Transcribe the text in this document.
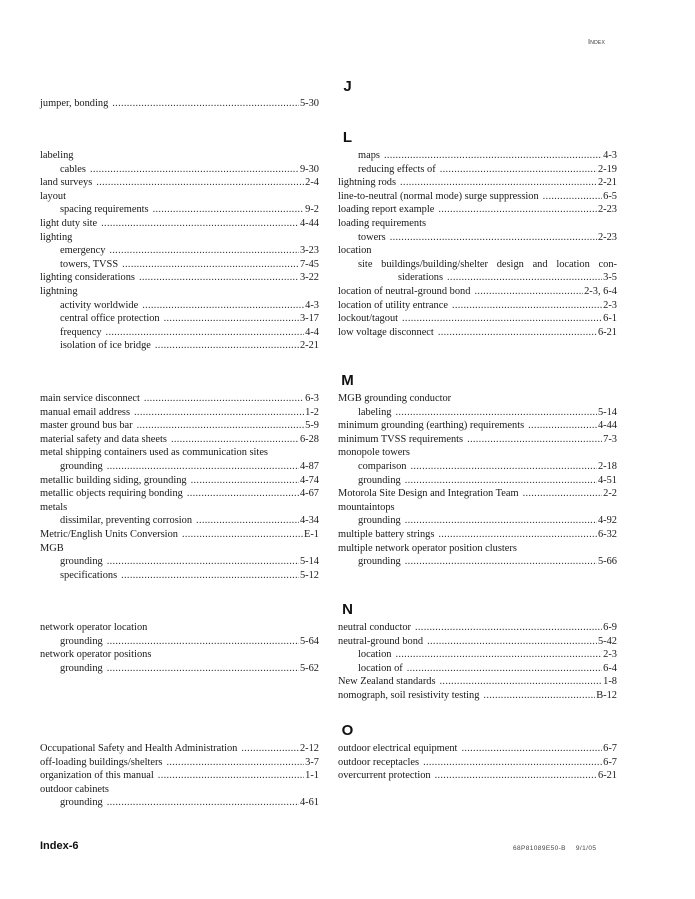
Index
J
jumper, bonding .....	5-30
L
labeling
cables .....	9-30
land surveys .....	2-4
layout
spacing requirements .....	9-2
light duty site .....	4-44
lighting
emergency .....	3-23
towers, TVSS .....	7-45
lighting considerations .....	3-22
lightning
activity worldwide .....	4-3
central office protection .....	3-17
frequency .....	4-4
isolation of ice bridge .....	2-21
maps .....	4-3
reducing effects of .....	2-19
lightning rods .....	2-21
line-to-neutral (normal mode) surge suppression .....	6-5
loading report example .....	2-23
loading requirements
towers .....	2-23
location
site buildings/building/shelter design and location con-
siderations .....	3-5
location of neutral-ground bond .....	2-3, 6-4
location of utility entrance .....	2-3
lockout/tagout .....	6-1
low voltage disconnect .....	6-21
M
main service disconnect .....	6-3
manual email address .....	1-2
master ground bus bar .....	5-9
material safety and data sheets .....	6-28
metal shipping containers used as communication sites
grounding .....	4-87
metallic building siding, grounding .....	4-74
metallic objects requiring bonding .....	4-67
metals
dissimilar, preventing corrosion .....	4-34
Metric/English Units Conversion .....	E-1
MGB
grounding .....	5-14
specifications .....	5-12
MGB grounding conductor
labeling .....	5-14
minimum grounding (earthing) requirements .....	4-44
minimum TVSS requirements .....	7-3
monopole towers
comparison .....	2-18
grounding .....	4-51
Motorola Site Design and Integration Team .....	2-2
mountaintops
grounding .....	4-92
multiple battery strings .....	6-32
multiple network operator position clusters
grounding .....	5-66
N
network operator location
grounding .....	5-64
network operator positions
grounding .....	5-62
neutral conductor .....	6-9
neutral-ground bond .....	5-42
location .....	2-3
location of .....	6-4
New Zealand standards .....	1-8
nomograph, soil resistivity testing .....	B-12
O
Occupational Safety and Health Administration .....	2-12
off-loading buildings/shelters .....	3-7
organization of this manual .....	1-1
outdoor cabinets
grounding .....	4-61
outdoor electrical equipment .....	6-7
outdoor receptacles .....	6-7
overcurrent protection .....	6-21
Index-6	68P81089E50-B 9/1/05
